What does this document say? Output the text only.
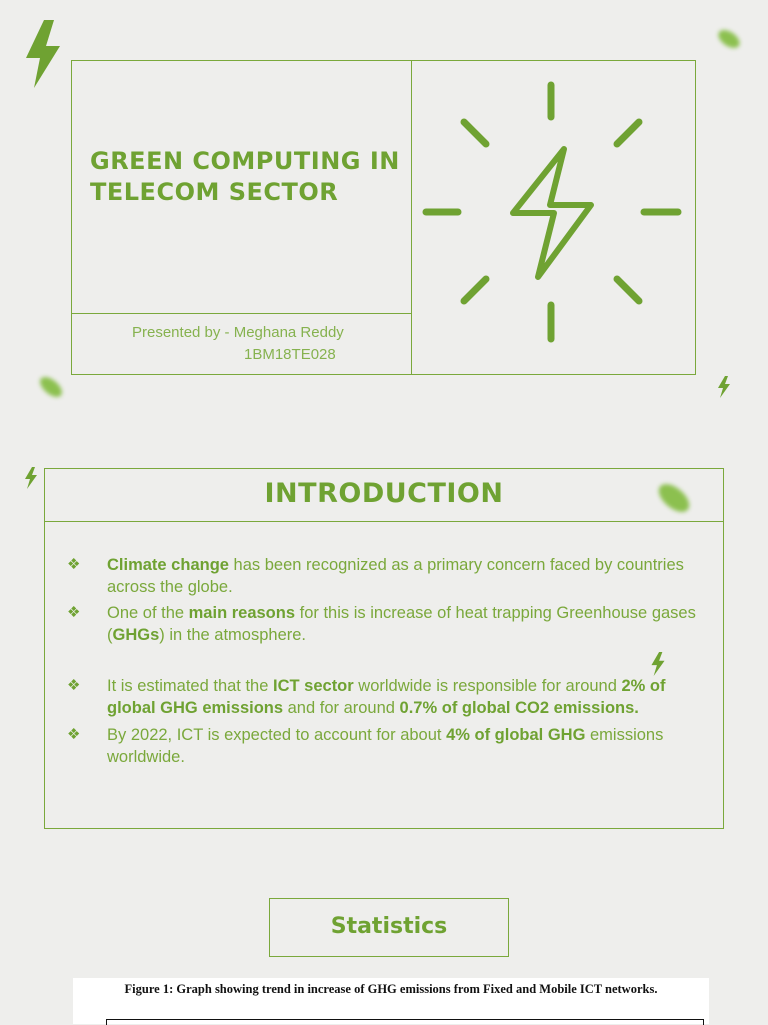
GREEN COMPUTING IN TELECOM SECTOR
Presented by - Meghana Reddy
1BM18TE028
INTRODUCTION
❖	Climate change has been recognized as a primary concern faced by countries across the globe.
❖	One of the main reasons for this is increase of heat trapping Greenhouse gases (GHGs) in the atmosphere.
❖	It is estimated that the ICT sector worldwide is responsible for around 2% of global GHG emissions and for around 0.7% of global CO2 emissions.
❖	By 2022, ICT is expected to account for about 4% of global GHG emissions worldwide.
Statistics
Figure 1: Graph showing trend in increase of GHG emissions from Fixed and Mobile ICT networks.
